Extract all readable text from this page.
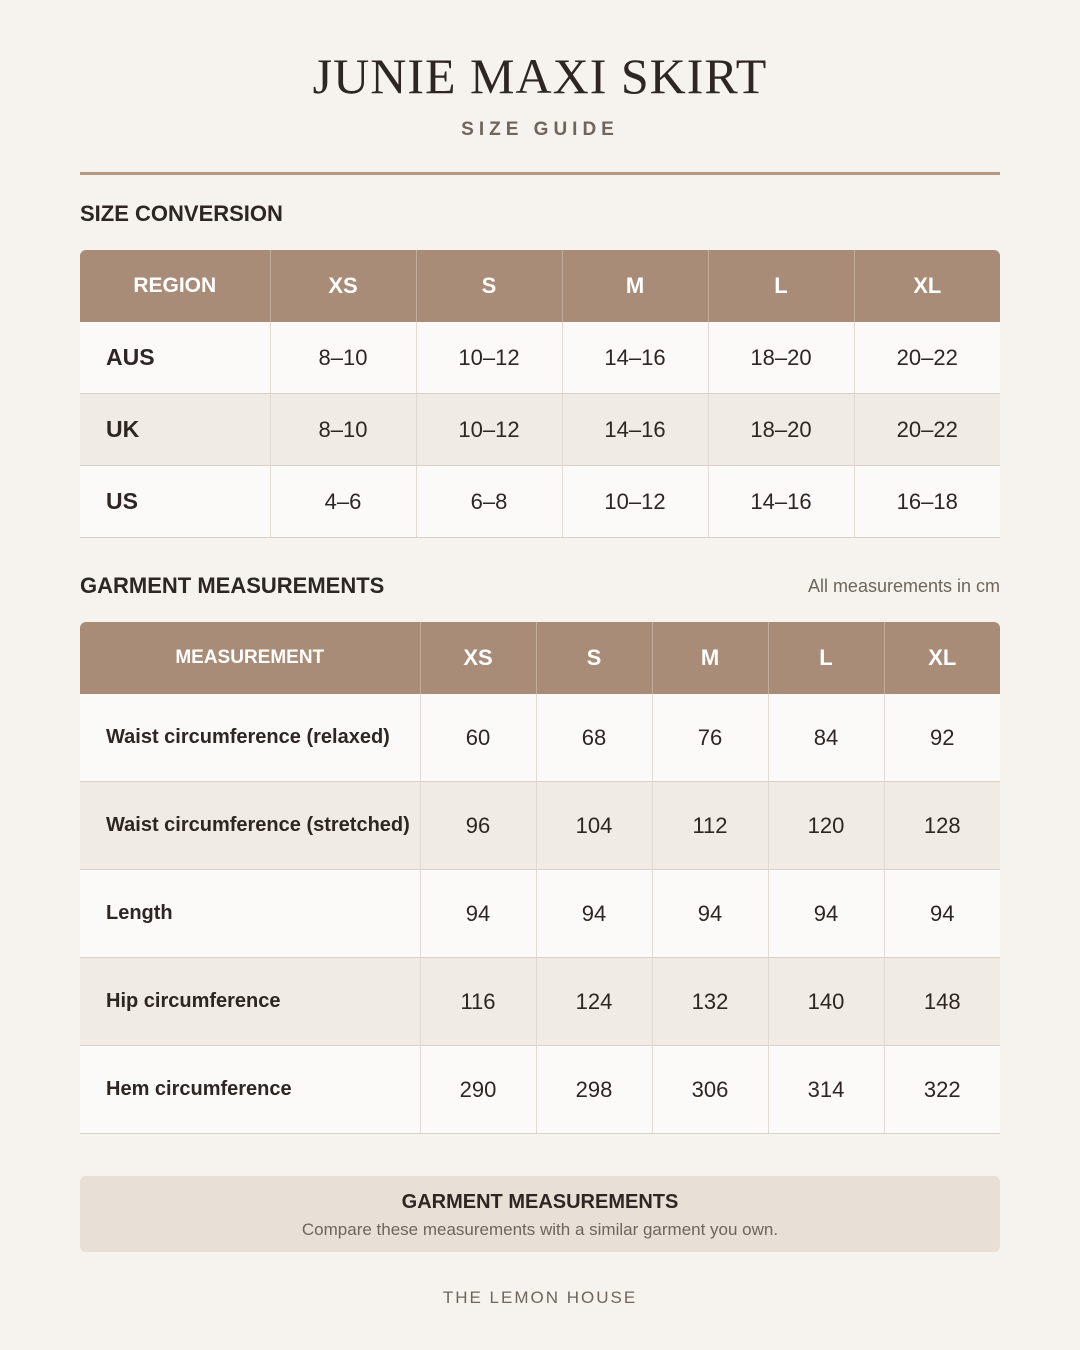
JUNIE MAXI SKIRT
SIZE GUIDE
SIZE CONVERSION
REGION	XS	S	M	L	XL
AUS	8–10	10–12	14–16	18–20	20–22
UK	8–10	10–12	14–16	18–20	20–22
US	4–6	6–8	10–12	14–16	16–18
GARMENT MEASUREMENTS	All measurements in cm
MEASUREMENT	XS	S	M	L	XL
Waist circumference (relaxed)	60	68	76	84	92
Waist circumference (stretched)	96	104	112	120	128
Length	94	94	94	94	94
Hip circumference	116	124	132	140	148
Hem circumference	290	298	306	314	322
GARMENT MEASUREMENTS
Compare these measurements with a similar garment you own.
THE LEMON HOUSE
